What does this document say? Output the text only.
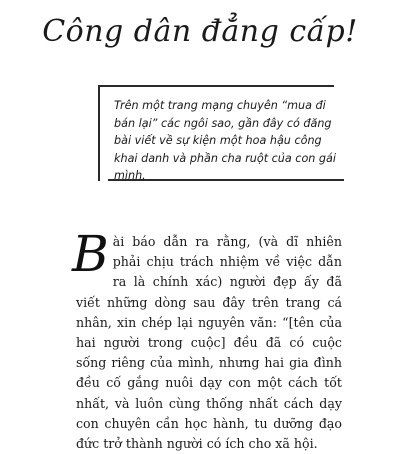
Công dân đẳng cấp!
Trên một trang mạng chuyên “mua đi bán lại” các ngôi sao, gần đây có đăng bài viết về sự kiện một hoa hậu công khai danh và phần cha ruột của con gái mình.
B ài báo dẫn ra rằng, (và dĩ nhiên phải chịu trách nhiệm về việc dẫn ra là chính xác) người đẹp ấy đã viết những dòng sau đây trên trang cá nhân, xin chép lại nguyên văn: “[tên của hai người trong cuộc] đều đã có cuộc sống riêng của mình, nhưng hai gia đình đều cố gắng nuôi dạy con một cách tốt nhất, và luôn cùng thống nhất cách dạy con chuyên cần học hành, tu dưỡng đạo đức trở thành người có ích cho xã hội.
